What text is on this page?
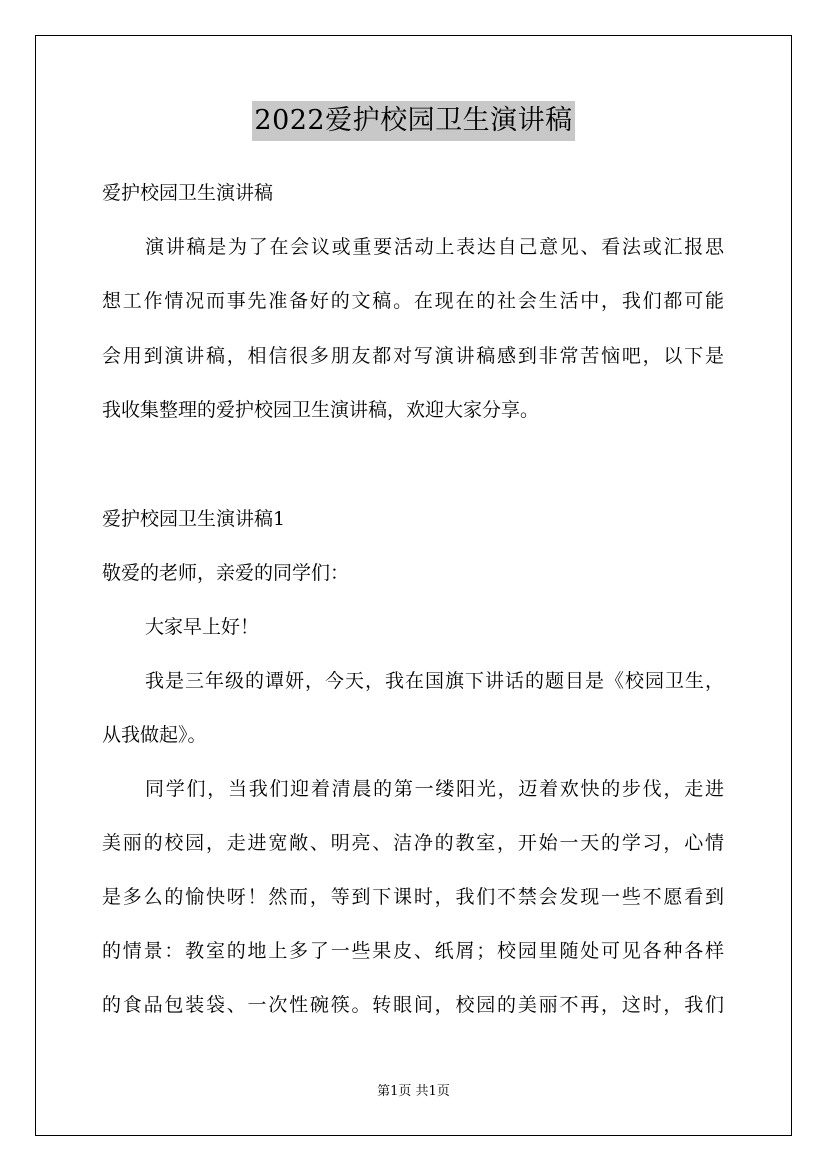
2022爱护校园卫生演讲稿
爱护校园卫生演讲稿
演讲稿是为了在会议或重要活动上表达自己意见、看法或汇报思
想工作情况而事先准备好的文稿。在现在的社会生活中，我们都可能
会用到演讲稿，相信很多朋友都对写演讲稿感到非常苦恼吧，以下是
我收集整理的爱护校园卫生演讲稿，欢迎大家分享。
爱护校园卫生演讲稿1
敬爱的老师，亲爱的同学们：
大家早上好！
我是三年级的谭妍，今天，我在国旗下讲话的题目是《校园卫生，
从我做起》。
同学们，当我们迎着清晨的第一缕阳光，迈着欢快的步伐，走进
美丽的校园，走进宽敞、明亮、洁净的教室，开始一天的学习，心情
是多么的愉快呀！然而，等到下课时，我们不禁会发现一些不愿看到
的情景：教室的地上多了一些果皮、纸屑；校园里随处可见各种各样
的食品包装袋、一次性碗筷。转眼间，校园的美丽不再，这时，我们
第1页 共1页
